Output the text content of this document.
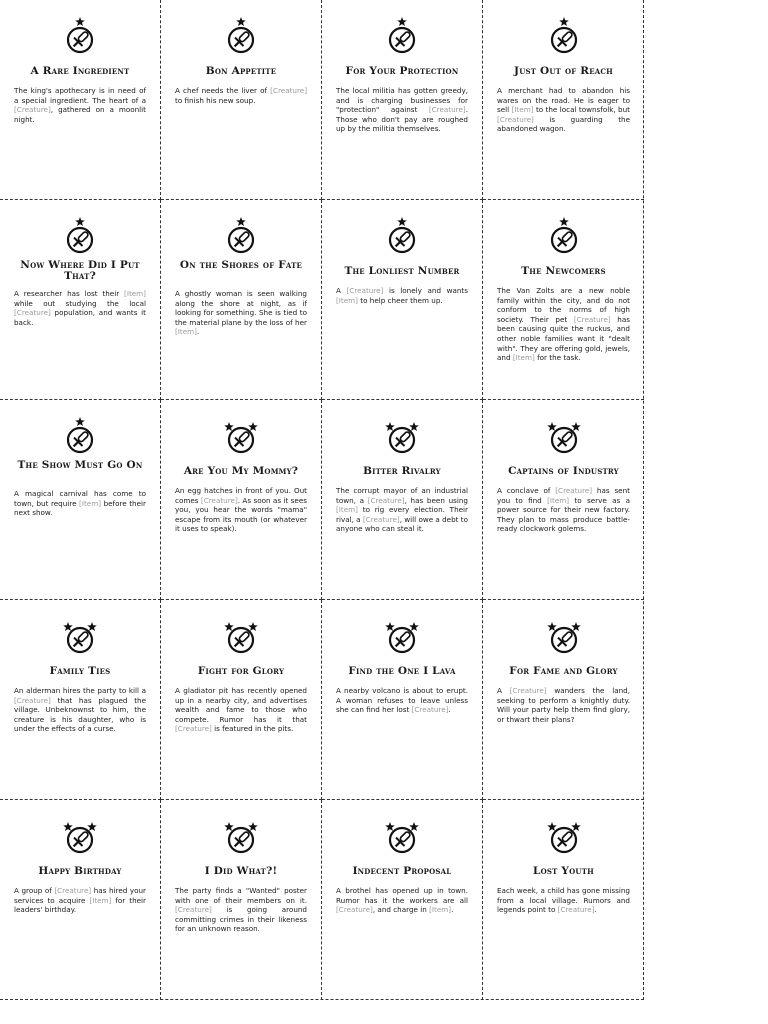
A Rare Ingredient
The king's apothecary is in need of a special ingredient. The heart of a [Creature], gathered on a moonlit night.
Bon Appetite
A chef needs the liver of [Creature] to finish his new soup.
For Your Protection
The local militia has gotten greedy, and is charging businesses for "protection" against [Creature]. Those who don't pay are roughed up by the militia themselves.
Just Out of Reach
A merchant had to abandon his wares on the road. He is eager to sell [Item] to the local townsfolk, but [Creature] is guarding the abandoned wagon.
Now Where Did I Put That?
A researcher has lost their [Item] while out studying the local [Creature] population, and wants it back.
On the Shores of Fate
A ghostly woman is seen walking along the shore at night, as if looking for something. She is tied to the material plane by the loss of her [Item].
The Lonliest Number
A [Creature] is lonely and wants [Item] to help cheer them up.
The Newcomers
The Van Zolts are a new noble family within the city, and do not conform to the norms of high society. Their pet [Creature] has been causing quite the ruckus, and other noble families want it "dealt with". They are offering gold, jewels, and [Item] for the task.
The Show Must Go On
A magical carnival has come to town, but require [Item] before their next show.
Are You My Mommy?
An egg hatches in front of you. Out comes [Creature]. As soon as it sees you, you hear the words "mama" escape from its mouth (or whatever it uses to speak).
Bitter Rivalry
The corrupt mayor of an industrial town, a [Creature], has been using [Item] to rig every election. Their rival, a [Creature], will owe a debt to anyone who can steal it.
Captains of Industry
A conclave of [Creature] has sent you to find [Item] to serve as a power source for their new factory. They plan to mass produce battle-ready clockwork golems.
Family Ties
An alderman hires the party to kill a [Creature] that has plagued the village. Unbeknownst to him, the creature is his daughter, who is under the effects of a curse.
Fight for Glory
A gladiator pit has recently opened up in a nearby city, and advertises wealth and fame to those who compete. Rumor has it that [Creature] is featured in the pits.
Find the One I Lava
A nearby volcano is about to erupt. A woman refuses to leave unless she can find her lost [Creature].
For Fame and Glory
A [Creature] wanders the land, seeking to perform a knightly duty. Will your party help them find glory, or thwart their plans?
Happy Birthday
A group of [Creature] has hired your services to acquire [Item] for their leaders' birthday.
I Did What?!
The party finds a "Wanted" poster with one of their members on it. [Creature] is going around committing crimes in their likeness for an unknown reason.
Indecent Proposal
A brothel has opened up in town. Rumor has it the workers are all [Creature], and charge in [Item].
Lost Youth
Each week, a child has gone missing from a local village. Rumors and legends point to [Creature].
